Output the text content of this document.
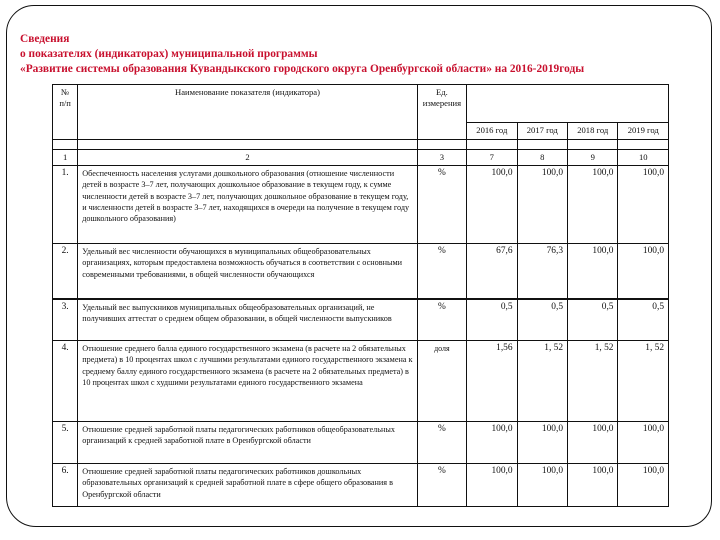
Сведения
о показателях (индикаторах) муниципальной программы
«Развитие системы образования Кувандыкского городского округа Оренбургской области» на 2016-2019годы
№ п/п	Наименование показателя (индикатора)	Ед. измерения				
			2016 год	2017 год	2018 год	2019 год

1	2	3	7	8	9	10
1.	Обеспеченность населения услугами дошкольного образования (отношение численности детей в возрасте 3–7 лет, получающих дошкольное образование в текущем году, к сумме численности детей в возрасте 3–7 лет, получающих дошкольное образование в текущем году, и численности детей в возрасте 3–7 лет, находящихся в очереди на получение в текущем году дошкольного образования)	%	100,0	100,0	100,0	100,0
2.	Удельный вес численности обучающихся в муниципальных общеобразовательных организациях, которым предоставлена возможность обучаться в соответствии с основными современными требованиями, в общей численности обучающихся	%	67,6	76,3	100,0	100,0
3.	Удельный вес выпускников муниципальных общеобразовательных организаций, не получивших аттестат о среднем общем образовании, в общей численности выпускников	%	0,5	0,5	0,5	0,5
4.	Отношение среднего балла единого государственного экзамена (в расчете на 2 обязательных предмета) в 10 процентах школ с лучшими результатами единого государственного экзамена к среднему баллу единого государственного экзамена (в расчете на 2 обязательных предмета) в 10 процентах школ с худшими результатами единого государственного экзамена	доля	1,56	1, 52	1, 52	1, 52
5.	Отношение средней заработной платы педагогических работников общеобразовательных организаций к средней заработной плате в Оренбургской области	%	100,0	100,0	100,0	100,0
6.	Отношение средней заработной платы педагогических работников дошкольных образовательных организаций к средней заработной плате в сфере общего образования в Оренбургской области	%	100,0	100,0	100,0	100,0
